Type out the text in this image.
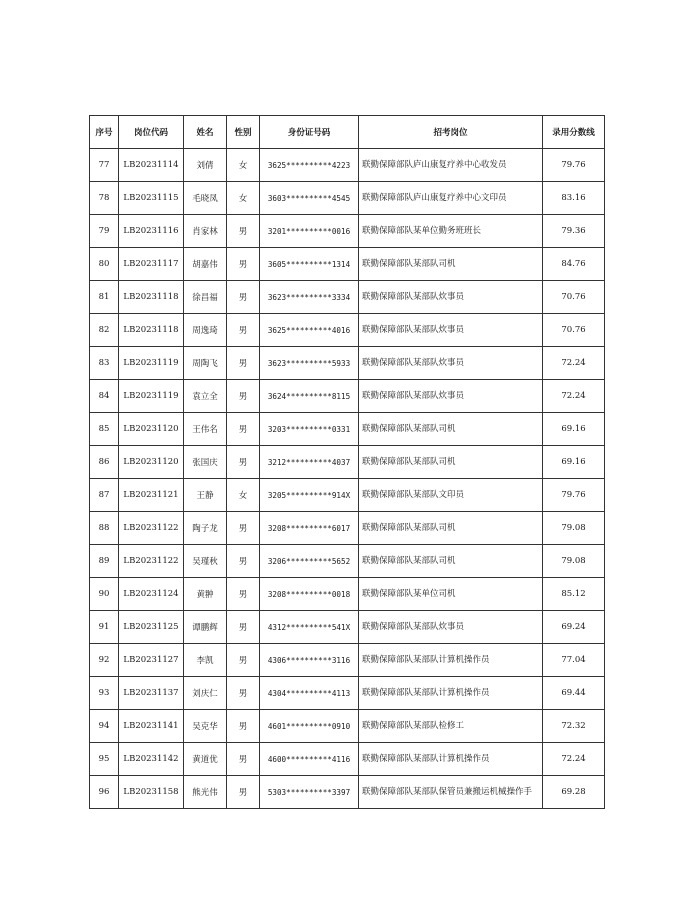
序号	岗位代码	姓名	性别	身份证号码	招考岗位	录用分数线
77	LB20231114	刘倩	女	3625**********4223	联勤保障部队庐山康复疗养中心收发员	79.76
78	LB20231115	毛晓凤	女	3603**********4545	联勤保障部队庐山康复疗养中心文印员	83.16
79	LB20231116	肖家林	男	3201**********0016	联勤保障部队某单位勤务班班长	79.36
80	LB20231117	胡嘉伟	男	3605**********1314	联勤保障部队某部队司机	84.76
81	LB20231118	徐昌福	男	3623**********3334	联勤保障部队某部队炊事员	70.76
82	LB20231118	周逸琦	男	3625**********4016	联勤保障部队某部队炊事员	70.76
83	LB20231119	周陶飞	男	3623**********5933	联勤保障部队某部队炊事员	72.24
84	LB20231119	袁立全	男	3624**********8115	联勤保障部队某部队炊事员	72.24
85	LB20231120	王伟名	男	3203**********0331	联勤保障部队某部队司机	69.16
86	LB20231120	张国庆	男	3212**********4037	联勤保障部队某部队司机	69.16
87	LB20231121	王静	女	3205**********914X	联勤保障部队某部队文印员	79.76
88	LB20231122	陶子龙	男	3208**********6017	联勤保障部队某部队司机	79.08
89	LB20231122	吴瑾秋	男	3206**********5652	联勤保障部队某部队司机	79.08
90	LB20231124	黄翀	男	3208**********0018	联勤保障部队某单位司机	85.12
91	LB20231125	谭鹏辉	男	4312**********541X	联勤保障部队某部队炊事员	69.24
92	LB20231127	李凯	男	4306**********3116	联勤保障部队某部队计算机操作员	77.04
93	LB20231137	刘庆仁	男	4304**********4113	联勤保障部队某部队计算机操作员	69.44
94	LB20231141	吴克华	男	4601**********0910	联勤保障部队某部队检修工	72.32
95	LB20231142	黄道优	男	4600**********4116	联勤保障部队某部队计算机操作员	72.24
96	LB20231158	熊光伟	男	5303**********3397	联勤保障部队某部队保管员兼搬运机械操作手	69.28
